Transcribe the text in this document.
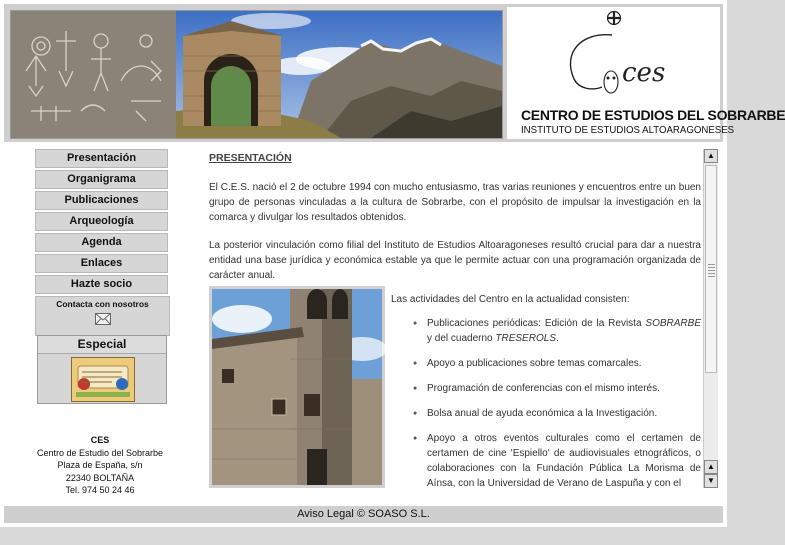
ces
CENTRO DE ESTUDIOS DEL SOBRARBE
INSTITUTO DE ESTUDIOS ALTOARAGONESES
Presentación
Organigrama
Publicaciones
Arqueología
Agenda
Enlaces
Hazte socio
Contacta con nosotros
Especial
CES
Centro de Estudio del Sobrarbe
Plaza de España, s/n
22340 BOLTAÑA
Tel. 974 50 24 46
PRESENTACIÓN

El C.E.S. nació el 2 de octubre 1994 con mucho entusiasmo, tras varias reuniones y encuentros entre un buen grupo de personas vinculadas a la cultura de Sobrarbe, con el propósito de impulsar la investigación en la comarca y divulgar los resultados obtenidos.

La posterior vinculación como filial del Instituto de Estudios Altoaragoneses resultó crucial para dar a nuestra entidad una base jurídica y económica estable ya que le permite actuar con una programación organizada de carácter anual.

Las actividades del Centro en la actualidad consisten:

● Publicaciones periódicas: Edición de la Revista SOBRARBE y del cuaderno TRESEROLS.
● Apoyo a publicaciones sobre temas comarcales.
● Programación de conferencias con el mismo interés.
● Bolsa anual de ayuda económica a la Investigación.
● Apoyo a otros eventos culturales como el certamen de certamen de cine 'Espiello' de audiovisuales etnográficos, o colaboraciones con la Fundación Pública La Morisma de Aínsa, con la Universidad de Verano de Laspuña y con el
▲
▲
▼
Aviso Legal © SOASO S.L.
